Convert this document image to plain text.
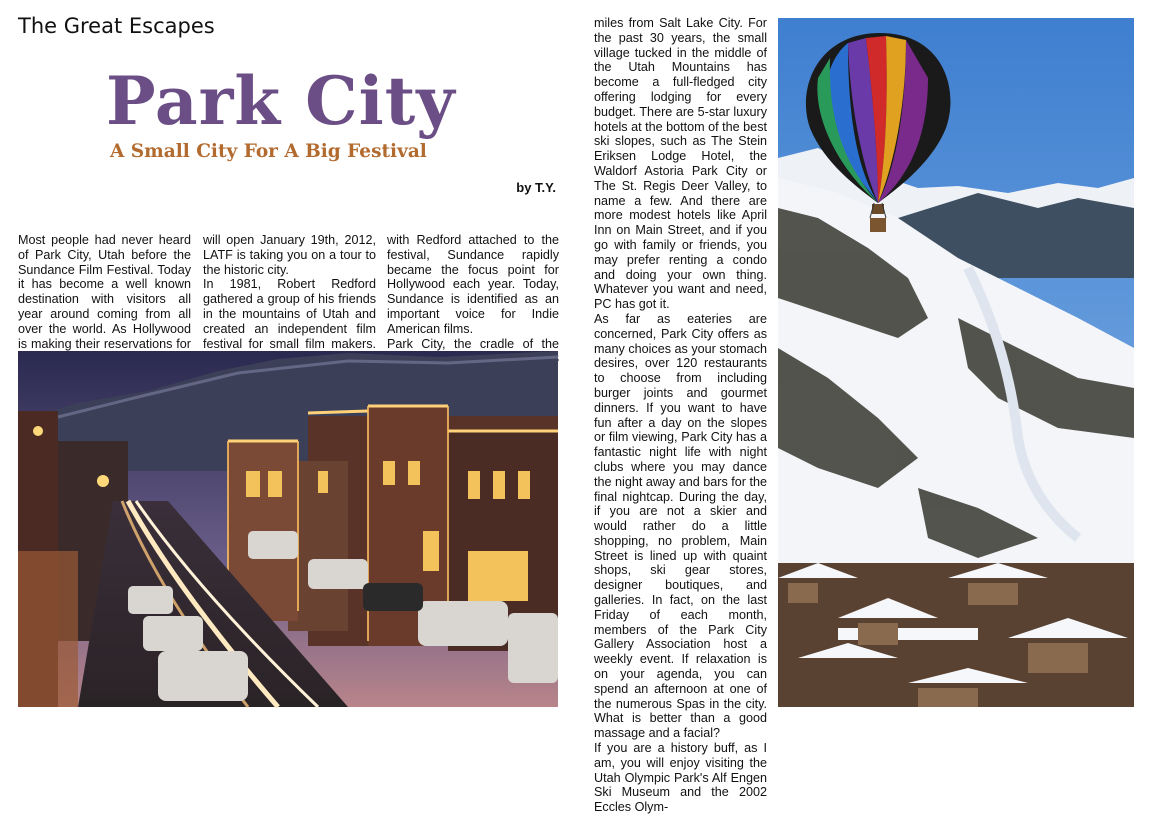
The Great Escapes
Park City
A Small City For A Big Festival
by T.Y.

Most people had never heard of Park City, Utah before the Sundance Film Festival. Today it has become a well known destination with visitors all year around coming from all over the world. As Hollywood is making their reservations for

will open January 19th, 2012, LATF is taking you on a tour to the historic city.

In 1981, Robert Redford gathered a group of his friends in the mountains of Utah and created an independent film festival for small film makers.

with Redford attached to the festival, Sundance rapidly became the focus point for Hollywood each year. Today, Sundance is identified as an important voice for Indie American films.

Park City, the cradle of the

miles from Salt Lake City. For the past 30 years, the small village tucked in the middle of the Utah Mountains has become a full-fledged city offering lodging for every budget. There are 5-star luxury hotels at the bottom of the best ski slopes, such as The Stein Eriksen Lodge Hotel, the Waldorf Astoria Park City or The St. Regis Deer Valley, to name a few. And there are more modest hotels like April Inn on Main Street, and if you go with family or friends, you may prefer renting a condo and doing your own thing. Whatever you want and need, PC has got it.

As far as eateries are concerned, Park City offers as many choices as your stomach desires, over 120 restaurants to choose from including burger joints and gourmet dinners. If you want to have fun after a day on the slopes or film viewing, Park City has a fantastic night life with night clubs where you may dance the night away and bars for the final nightcap. During the day, if you are not a skier and would rather do a little shopping, no problem, Main Street is lined up with quaint shops, ski gear stores, designer boutiques, and galleries. In fact, on the last Friday of each month, members of the Park City Gallery Association host a weekly event. If relaxation is on your agenda, you can spend an afternoon at one of the numerous Spas in the city. What is better than a good massage and a facial?

If you are a history buff, as I am, you will enjoy visiting the Utah Olympic Park's Alf Engen Ski Museum and the 2002 Eccles Olym-
